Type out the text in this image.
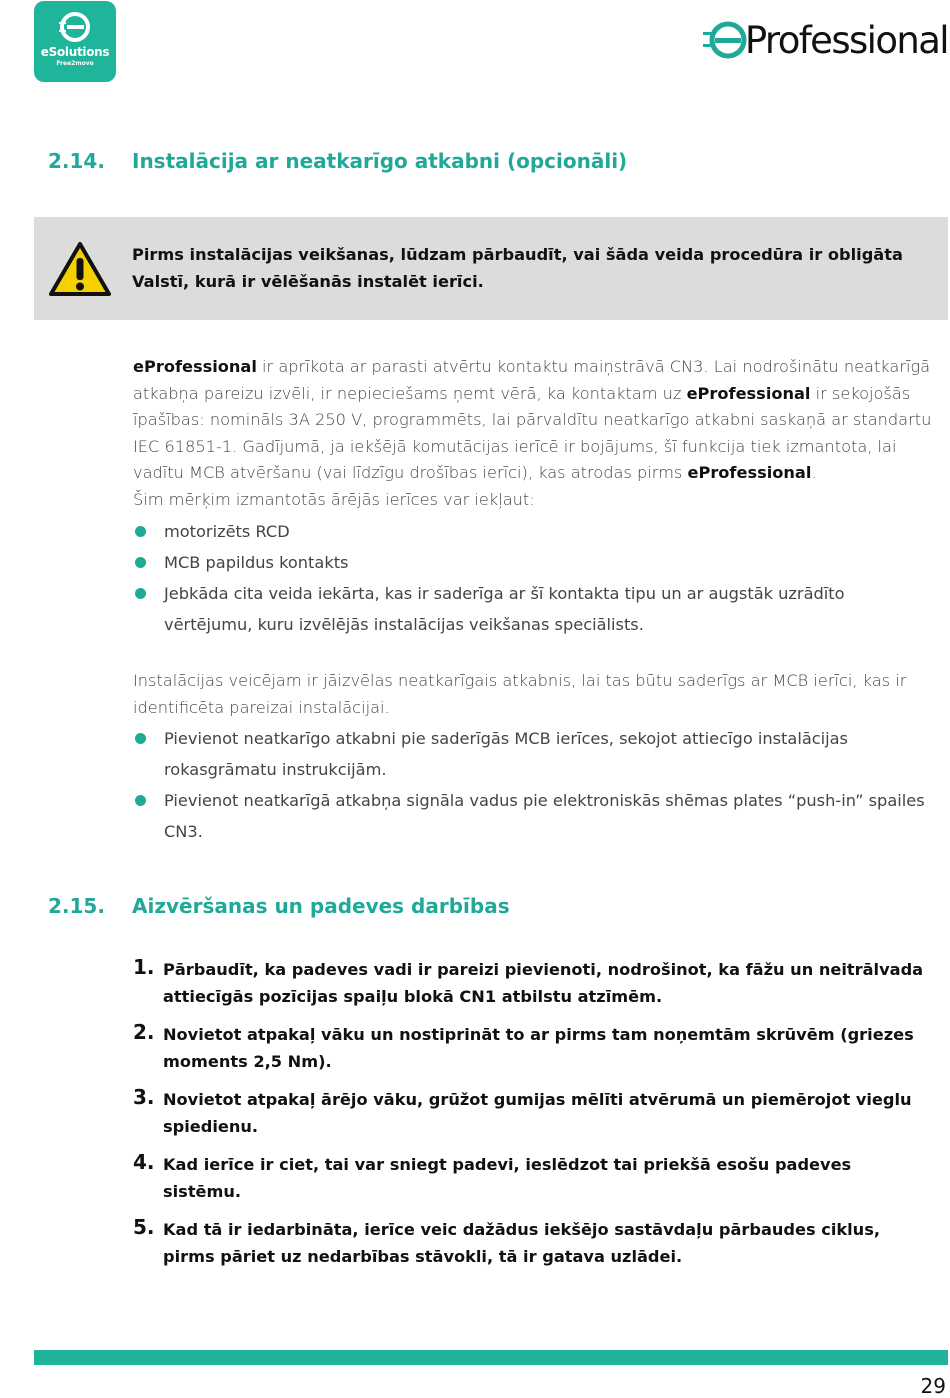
eSolutions
Free2move
Professional
2.14.	Instalācija ar neatkarīgo atkabni (opcionāli)
Pirms instalācijas veikšanas, lūdzam pārbaudīt, vai šāda veida procedūra ir obligāta Valstī, kurā ir vēlēšanās instalēt ierīci.
eProfessional ir aprīkota ar parasti atvērtu kontaktu maiņstrāvā CN3. Lai nodrošinātu neatkarīgā atkabņa pareizu izvēli, ir nepieciešams ņemt vērā, ka kontaktam uz eProfessional ir sekojošās īpašības: nomināls 3A 250 V, programmēts, lai pārvaldītu neatkarīgo atkabni saskaņā ar standartu IEC 61851-1. Gadījumā, ja iekšējā komutācijas ierīcē ir bojājums, šī funkcija tiek izmantota, lai vadītu MCB atvēršanu (vai līdzīgu drošības ierīci), kas atrodas pirms eProfessional.
Šim mērķim izmantotās ārējās ierīces var iekļaut:
motorizēts RCD
MCB papildus kontakts
Jebkāda cita veida iekārta, kas ir saderīga ar šī kontakta tipu un ar augstāk uzrādīto vērtējumu, kuru izvēlējās instalācijas veikšanas speciālists.
Instalācijas veicējam ir jāizvēlas neatkarīgais atkabnis, lai tas būtu saderīgs ar MCB ierīci, kas ir identificēta pareizai instalācijai.
Pievienot neatkarīgo atkabni pie saderīgās MCB ierīces, sekojot attiecīgo instalācijas rokasgrāmatu instrukcijām.
Pievienot neatkarīgā atkabņa signāla vadus pie elektroniskās shēmas plates “push-in” spailes CN3.
2.15.	Aizvēršanas un padeves darbības
1. Pārbaudīt, ka padeves vadi ir pareizi pievienoti, nodrošinot, ka fāžu un neitrālvada attiecīgās pozīcijas spaiļu blokā CN1 atbilstu atzīmēm.
2. Novietot atpakaļ vāku un nostiprināt to ar pirms tam noņemtām skrūvēm (griezes moments 2,5 Nm).
3. Novietot atpakaļ ārējo vāku, grūžot gumijas mēlīti atvērumā un piemērojot vieglu spiedienu.
4. Kad ierīce ir ciet, tai var sniegt padevi, ieslēdzot tai priekšā esošu padeves sistēmu.
5. Kad tā ir iedarbināta, ierīce veic dažādus iekšējo sastāvdaļu pārbaudes ciklus, pirms pāriet uz nedarbības stāvokli, tā ir gatava uzlādei.
29
